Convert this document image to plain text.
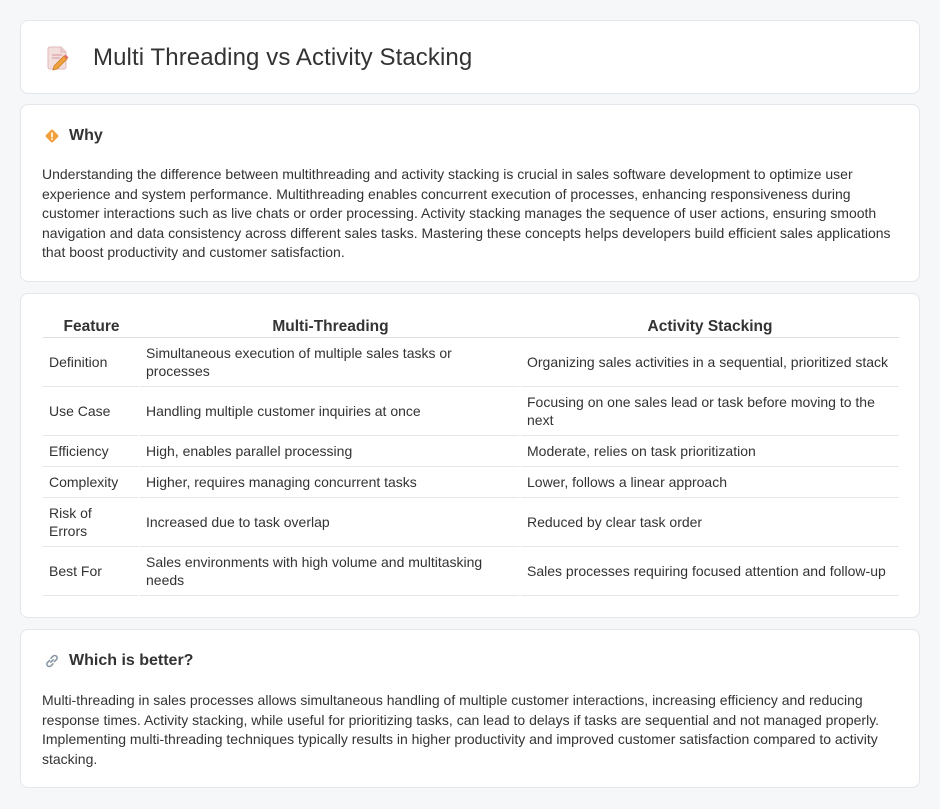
Multi Threading vs Activity Stacking
Why

Understanding the difference between multithreading and activity stacking is crucial in sales software development to optimize user experience and system performance. Multithreading enables concurrent execution of processes, enhancing responsiveness during customer interactions such as live chats or order processing. Activity stacking manages the sequence of user actions, ensuring smooth navigation and data consistency across different sales tasks. Mastering these concepts helps developers build efficient sales applications that boost productivity and customer satisfaction.

Feature	Multi-Threading	Activity Stacking
Definition	Simultaneous execution of multiple sales tasks or processes	Organizing sales activities in a sequential, prioritized stack
Use Case	Handling multiple customer inquiries at once	Focusing on one sales lead or task before moving to the next
Efficiency	High, enables parallel processing	Moderate, relies on task prioritization
Complexity	Higher, requires managing concurrent tasks	Lower, follows a linear approach
Risk of Errors	Increased due to task overlap	Reduced by clear task order
Best For	Sales environments with high volume and multitasking needs	Sales processes requiring focused attention and follow-up
Which is better?

Multi-threading in sales processes allows simultaneous handling of multiple customer interactions, increasing efficiency and reducing response times. Activity stacking, while useful for prioritizing tasks, can lead to delays if tasks are sequential and not managed properly. Implementing multi-threading techniques typically results in higher productivity and improved customer satisfaction compared to activity stacking.
